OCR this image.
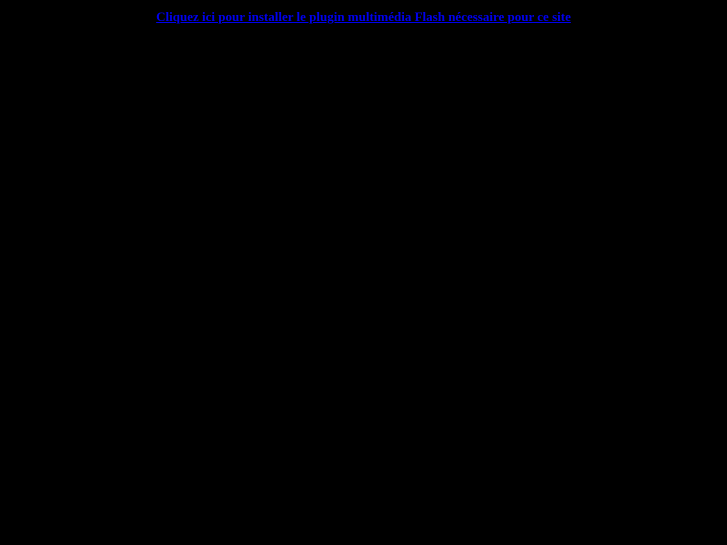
Cliquez ici pour installer le plugin multimédia Flash nécessaire pour ce site
